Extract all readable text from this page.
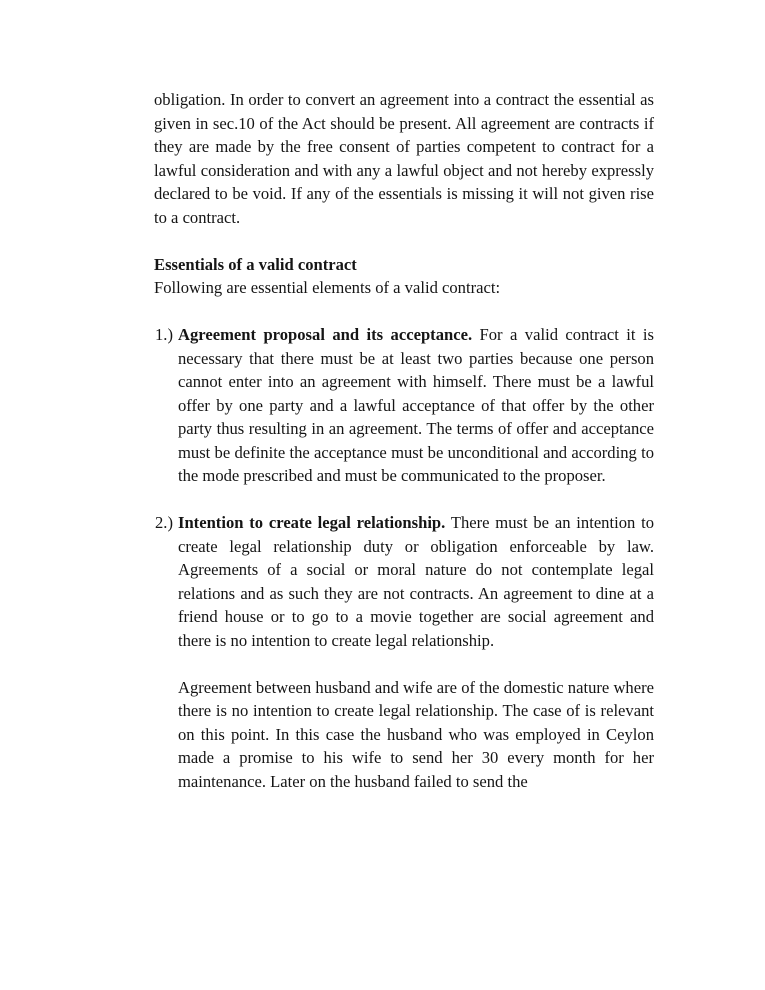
obligation. In order to convert an agreement into a contract the essential as given in sec.10 of the Act should be present. All agreement are contracts if they are made by the free consent of parties competent to contract for a lawful consideration and with any a lawful object and not hereby expressly declared to be void. If any of the essentials is missing it will not given rise to a contract.

Essentials of a valid contract
Following are essential elements of a valid contract:
1.) Agreement proposal and its acceptance. For a valid contract it is necessary that there must be at least two parties because one person cannot enter into an agreement with himself. There must be a lawful offer by one party and a lawful acceptance of that offer by the other party thus resulting in an agreement. The terms of offer and acceptance must be definite the acceptance must be unconditional and according to the mode prescribed and must be communicated to the proposer.
2.) Intention to create legal relationship. There must be an intention to create legal relationship duty or obligation enforceable by law. Agreements of a social or moral nature do not contemplate legal relations and as such they are not contracts. An agreement to dine at a friend house or to go to a movie together are social agreement and there is no intention to create legal relationship.

Agreement between husband and wife are of the domestic nature where there is no intention to create legal relationship. The case of is relevant on this point. In this case the husband who was employed in Ceylon made a promise to his wife to send her 30 every month for her maintenance. Later on the husband failed to send the
